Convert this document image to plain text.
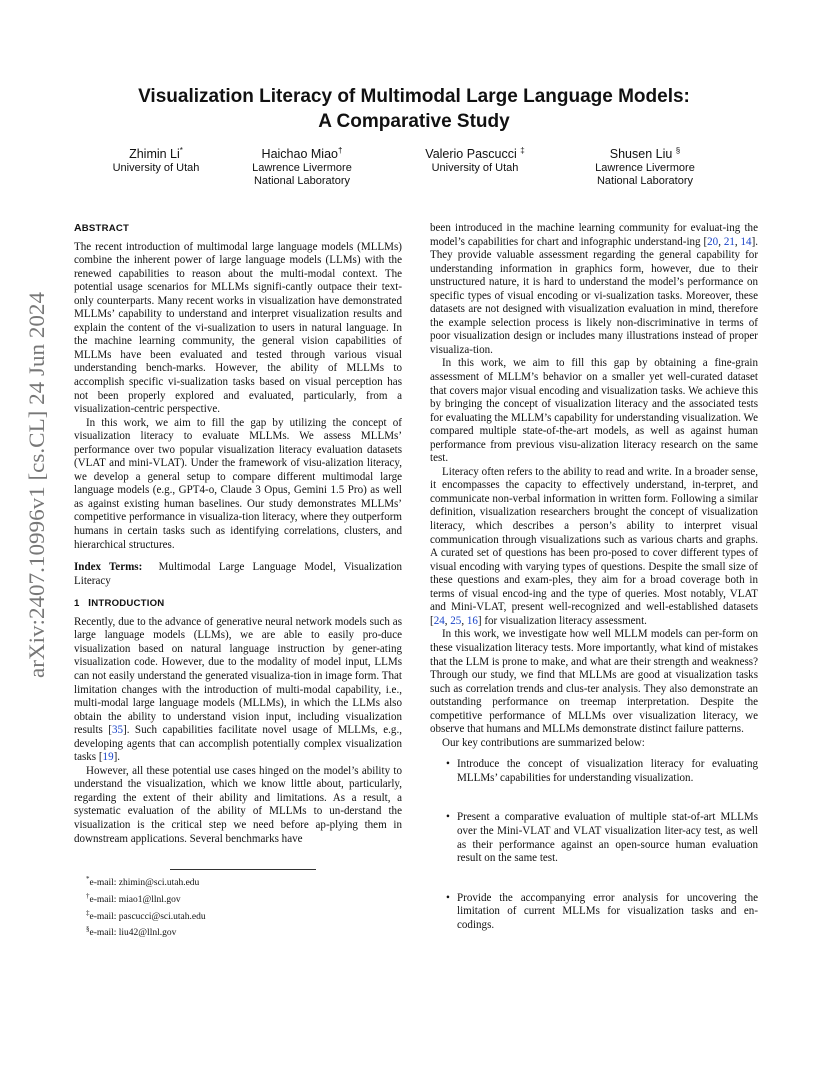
arXiv:2407.10996v1 [cs.CL] 24 Jun 2024
Visualization Literacy of Multimodal Large Language Models:
A Comparative Study
Zhimin Li*
University of Utah

Haichao Miao†
Lawrence Livermore
National Laboratory
Valerio Pascucci ‡
University of Utah

Shusen Liu §
Lawrence Livermore
National Laboratory
ABSTRACT

The recent introduction of multimodal large language models (MLLMs) combine the inherent power of large language models (LLMs) with the renewed capabilities to reason about the multi-modal context. The potential usage scenarios for MLLMs signifi-cantly outpace their text-only counterparts. Many recent works in visualization have demonstrated MLLMs’ capability to understand and interpret visualization results and explain the content of the vi-sualization to users in natural language. In the machine learning community, the general vision capabilities of MLLMs have been evaluated and tested through various visual understanding bench-marks. However, the ability of MLLMs to accomplish specific vi-sualization tasks based on visual perception has not been properly explored and evaluated, particularly, from a visualization-centric perspective.

In this work, we aim to fill the gap by utilizing the concept of visualization literacy to evaluate MLLMs. We assess MLLMs’ performance over two popular visualization literacy evaluation datasets (VLAT and mini-VLAT). Under the framework of visu-alization literacy, we develop a general setup to compare different multimodal large language models (e.g., GPT4-o, Claude 3 Opus, Gemini 1.5 Pro) as well as against existing human baselines. Our study demonstrates MLLMs’ competitive performance in visualiza-tion literacy, where they outperform humans in certain tasks such as identifying correlations, clusters, and hierarchical structures.

Index Terms: Multimodal Large Language Model, Visualization Literacy

1 INTRODUCTION

Recently, due to the advance of generative neural network models such as large language models (LLMs), we are able to easily pro-duce visualization based on natural language instruction by gener-ating visualization code. However, due to the modality of model input, LLMs can not easily understand the generated visualiza-tion in image form. That limitation changes with the introduction of multi-modal capability, i.e., multi-modal large language models (MLLMs), in which the LLMs also obtain the ability to understand vision input, including visualization results [35]. Such capabilities facilitate novel usage of MLLMs, e.g., developing agents that can accomplish potentially complex visualization tasks [19].

However, all these potential use cases hinged on the model’s ability to understand the visualization, which we know little about, particularly, regarding the extent of their ability and limitations. As a result, a systematic evaluation of the ability of MLLMs to un-derstand the visualization is the critical step we need before ap-plying them in downstream applications. Several benchmarks have

*e-mail: zhimin@sci.utah.edu
†e-mail: miao1@llnl.gov
‡e-mail: pascucci@sci.utah.edu
§e-mail: liu42@llnl.gov

been introduced in the machine learning community for evaluat-ing the model’s capabilities for chart and infographic understand-ing [20, 21, 14]. They provide valuable assessment regarding the general capability for understanding information in graphics form, however, due to their unstructured nature, it is hard to understand the model’s performance on specific types of visual encoding or vi-sualization tasks. Moreover, these datasets are not designed with visualization evaluation in mind, therefore the example selection process is likely non-discriminative in terms of poor visualization design or includes many illustrations instead of proper visualiza-tion.

In this work, we aim to fill this gap by obtaining a fine-grain assessment of MLLM’s behavior on a smaller yet well-curated dataset that covers major visual encoding and visualization tasks. We achieve this by bringing the concept of visualization literacy and the associated tests for evaluating the MLLM’s capability for understanding visualization. We compared multiple state-of-the-art models, as well as against human performance from previous visu-alization literacy research on the same test.

Literacy often refers to the ability to read and write. In a broader sense, it encompasses the capacity to effectively understand, in-terpret, and communicate non-verbal information in written form. Following a similar definition, visualization researchers brought the concept of visualization literacy, which describes a person’s ability to interpret visual communication through visualizations such as various charts and graphs. A curated set of questions has been pro-posed to cover different types of visual encoding with varying types of questions. Despite the small size of these questions and exam-ples, they aim for a broad coverage both in terms of visual encod-ing and the type of queries. Most notably, VLAT and Mini-VLAT, present well-recognized and well-established datasets [24, 25, 16] for visualization literacy assessment.

In this work, we investigate how well MLLM models can per-form on these visualization literacy tests. More importantly, what kind of mistakes that the LLM is prone to make, and what are their strength and weakness? Through our study, we find that MLLMs are good at visualization tasks such as correlation trends and clus-ter analysis. They also demonstrate an outstanding performance on treemap interpretation. Despite the competitive performance of MLLMs over visualization literacy, we observe that humans and MLLMs demonstrate distinct failure patterns.

Our key contributions are summarized below:

• Introduce the concept of visualization literacy for evaluating MLLMs’ capabilities for understanding visualization.
• Present a comparative evaluation of multiple stat-of-art MLLMs over the Mini-VLAT and VLAT visualization liter-acy test, as well as their performance against an open-source human evaluation result on the same test.
• Provide the accompanying error analysis for uncovering the limitation of current MLLMs for visualization tasks and en-codings.
